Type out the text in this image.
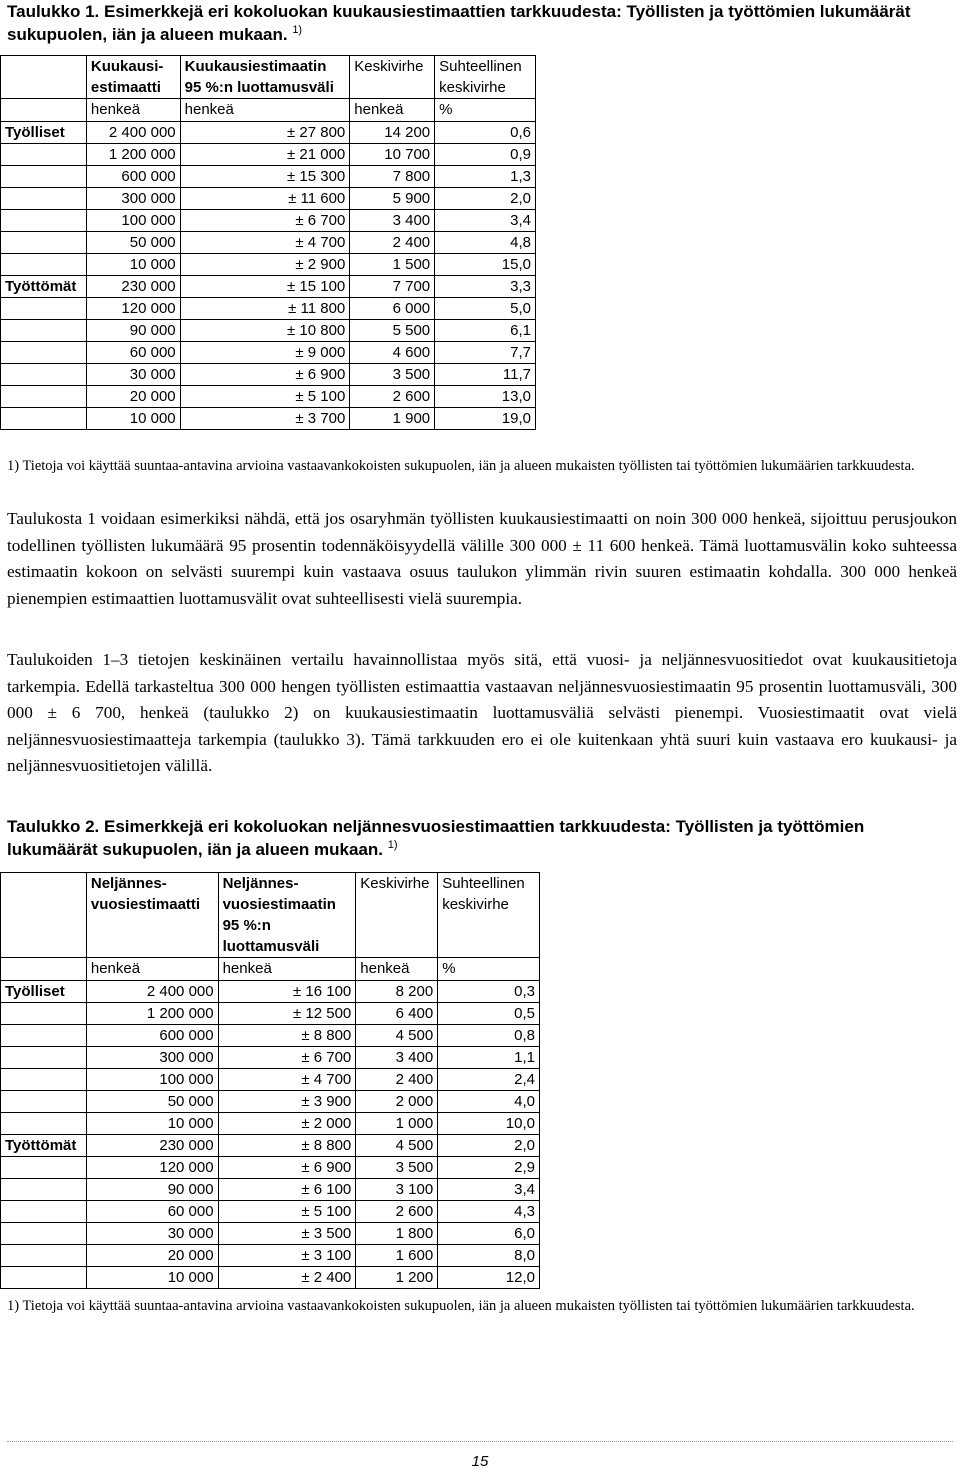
Taulukko 1. Esimerkkejä eri kokoluokan kuukausiestimaattien tarkkuudesta: Työllisten ja työttömien lukumäärät sukupuolen, iän ja alueen mukaan. $^{1)}$

	Kuukausi-estimaatti	Kuukausiestimaatin 95 %:n luottamusväli	Keskivirhe	Suhteellinen keskivirhe
	henkeä	henkeä	henkeä	%
Työlliset	2 400 000	± 27 800	14 200	0,6
	1 200 000	± 21 000	10 700	0,9
	600 000	± 15 300	7 800	1,3
	300 000	± 11 600	5 900	2,0
	100 000	± 6 700	3 400	3,4
	50 000	± 4 700	2 400	4,8
	10 000	± 2 900	1 500	15,0
Työttömät	230 000	± 15 100	7 700	3,3
	120 000	± 11 800	6 000	5,0
	90 000	± 10 800	5 500	6,1
	60 000	± 9 000	4 600	7,7
	30 000	± 6 900	3 500	11,7
	20 000	± 5 100	2 600	13,0
	10 000	± 3 700	1 900	19,0

1) Tietoja voi käyttää suuntaa-antavina arvioina vastaavankokoisten sukupuolen, iän ja alueen mukaisten työllisten tai työttömien lukumäärien tarkkuudesta.

Taulukosta 1 voidaan esimerkiksi nähdä, että jos osaryhmän työllisten kuukausiestimaatti on noin 300 000 henkeä, sijoittuu perusjoukon todellinen työllisten lukumäärä 95 prosentin todennäköisyydellä välille 300 000 ± 11 600 henkeä. Tämä luottamusvälin koko suhteessa estimaatin kokoon on selvästi suurempi kuin vastaava osuus taulukon ylimmän rivin suuren estimaatin kohdalla. 300 000 henkeä pienempien estimaattien luottamusvälit ovat suhteellisesti vielä suurempia.

Taulukoiden 1–3 tietojen keskinäinen vertailu havainnollistaa myös sitä, että vuosi- ja neljännesvuositiedot ovat kuukausitietoja tarkempia. Edellä tarkasteltua 300 000 hengen työllisten estimaattia vastaavan neljännesvuosiestimaatin 95 prosentin luottamusväli, 300 000 ± 6 700, henkeä (taulukko 2) on kuukausiestimaatin luottamusväliä selvästi pienempi. Vuosiestimaatit ovat vielä neljännesvuosiestimaatteja tarkempia (taulukko 3). Tämä tarkkuuden ero ei ole kuitenkaan yhtä suuri kuin vastaava ero kuukausi- ja neljännesvuositietojen välillä.

Taulukko 2. Esimerkkejä eri kokoluokan neljännesvuosiestimaattien tarkkuudesta: Työllisten ja työttömien lukumäärät sukupuolen, iän ja alueen mukaan. $^{1)}$

	Neljännes-vuosiestimaatti	Neljännes-vuosiestimaatin 95 %:n luottamusväli	Keskivirhe	Suhteellinen keskivirhe
	henkeä	henkeä	henkeä	%
Työlliset	2 400 000	± 16 100	8 200	0,3
	1 200 000	± 12 500	6 400	0,5
	600 000	± 8 800	4 500	0,8
	300 000	± 6 700	3 400	1,1
	100 000	± 4 700	2 400	2,4
	50 000	± 3 900	2 000	4,0
	10 000	± 2 000	1 000	10,0
Työttömät	230 000	± 8 800	4 500	2,0
	120 000	± 6 900	3 500	2,9
	90 000	± 6 100	3 100	3,4
	60 000	± 5 100	2 600	4,3
	30 000	± 3 500	1 800	6,0
	20 000	± 3 100	1 600	8,0
	10 000	± 2 400	1 200	12,0

1) Tietoja voi käyttää suuntaa-antavina arvioina vastaavankokoisten sukupuolen, iän ja alueen mukaisten työllisten tai työttömien lukumäärien tarkkuudesta.

15
